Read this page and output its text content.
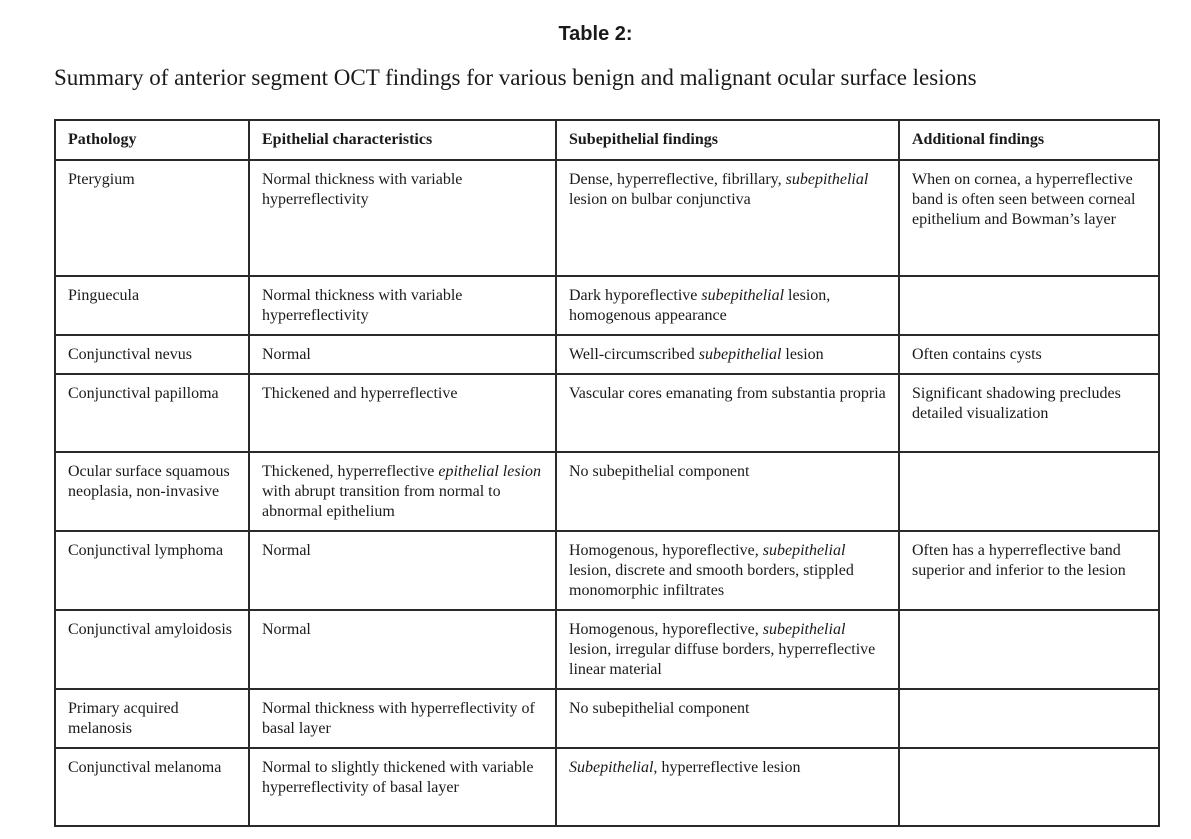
Table 2:
Summary of anterior segment OCT findings for various benign and malignant ocular surface lesions
Pathology	Epithelial characteristics	Subepithelial findings	Additional findings
Pterygium	Normal thickness with variable hyperreflectivity	Dense, hyperreflective, fibrillary, subepithelial lesion on bulbar conjunctiva	When on cornea, a hyperreflective band is often seen between corneal epithelium and Bowman’s layer
Pinguecula	Normal thickness with variable hyperreflectivity	Dark hyporeflective subepithelial lesion, homogenous appearance	
Conjunctival nevus	Normal	Well-circumscribed subepithelial lesion	Often contains cysts
Conjunctival papilloma	Thickened and hyperreflective	Vascular cores emanating from substantia propria	Significant shadowing precludes detailed visualization
Ocular surface squamous neoplasia, non-invasive	Thickened, hyperreflective epithelial lesion with abrupt transition from normal to abnormal epithelium	No subepithelial component	
Conjunctival lymphoma	Normal	Homogenous, hyporeflective, subepithelial lesion, discrete and smooth borders, stippled monomorphic infiltrates	Often has a hyperreflective band superior and inferior to the lesion
Conjunctival amyloidosis	Normal	Homogenous, hyporeflective, subepithelial lesion, irregular diffuse borders, hyperreflective linear material	
Primary acquired melanosis	Normal thickness with hyperreflectivity of basal layer	No subepithelial component	
Conjunctival melanoma	Normal to slightly thickened with variable hyperreflectivity of basal layer	Subepithelial, hyperreflective lesion	
